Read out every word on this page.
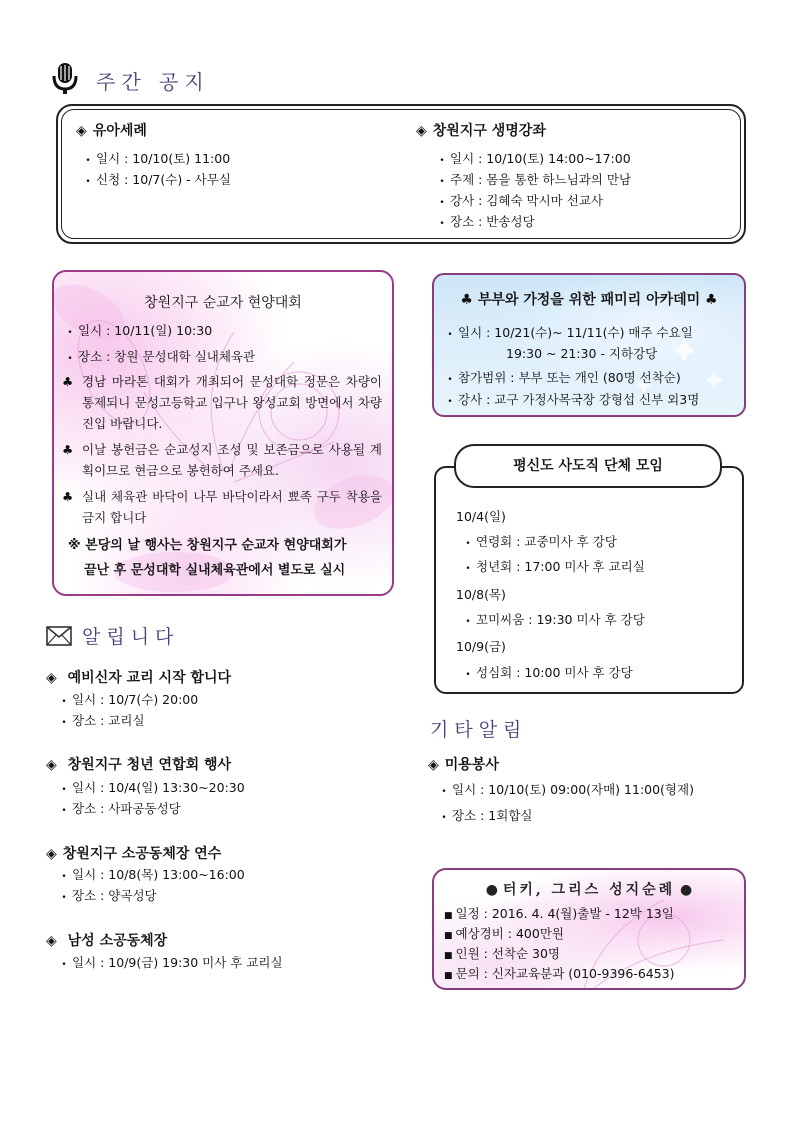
주간 공지
◈ 유아세례
• 일시 : 10/10(토) 11:00
• 신청 : 10/7(수) - 사무실
◈ 창원지구 생명강좌
• 일시 : 10/10(토) 14:00~17:00
• 주제 : 몸을 통한 하느님과의 만남
• 강사 : 김혜숙 막시마 선교사
• 장소 : 반송성당
창원지구 순교자 현양대회
• 일시 : 10/11(일) 10:30
• 장소 : 창원 문성대학 실내체육관
♣ 경남 마라톤 대회가 개최되어 문성대학 정문은 차량이 통제되니 문성고등학교 입구나 왕성교회 방면에서 차량 진입 바랍니다.
♣ 이날 봉헌금은 순교성지 조성 및 보존금으로 사용될 계획이므로 현금으로 봉헌하여 주세요.
♣ 실내 체육관 바닥이 나무 바닥이라서 뾰족 구두 착용을 금지 합니다
※ 본당의 날 행사는 창원지구 순교자 현양대회가
끝난 후 문성대학 실내체육관에서 별도로 실시
알립니다
◈ 예비신자 교리 시작 합니다
• 일시 : 10/7(수) 20:00
• 장소 : 교리실
◈ 창원지구 청년 연합회 행사
• 일시 : 10/4(일) 13:30~20:30
• 장소 : 사파공동성당
◈ 창원지구 소공동체장 연수
• 일시 : 10/8(목) 13:00~16:00
• 장소 : 양곡성당
◈ 남성 소공동체장
• 일시 : 10/9(금) 19:30 미사 후 교리실
♣ 부부와 가정을 위한 패미리 아카데미 ♣
• 일시 : 10/21(수)~ 11/11(수) 매주 수요일
19:30 ~ 21:30 - 지하강당
• 참가범위 : 부부 또는 개인 (80명 선착순)
• 강사 : 교구 가정사목국장 강형섭 신부 외3명
평신도 사도직 단체 모임
10/4(일)
• 연령회 : 교중미사 후 강당
• 청년회 : 17:00 미사 후 교리실
10/8(목)
• 꼬미씨움 : 19:30 미사 후 강당
10/9(금)
• 성심회 : 10:00 미사 후 강당
기타알림
◈ 미용봉사
• 일시 : 10/10(토) 09:00(자매) 11:00(형제)
• 장소 : 1회합실
● 터키, 그리스 성지순례 ●
■ 일정 : 2016. 4. 4(월)출발 - 12박 13일
■ 예상경비 : 400만원
■ 인원 : 선착순 30명
■ 문의 : 신자교육분과 (010-9396-6453)
